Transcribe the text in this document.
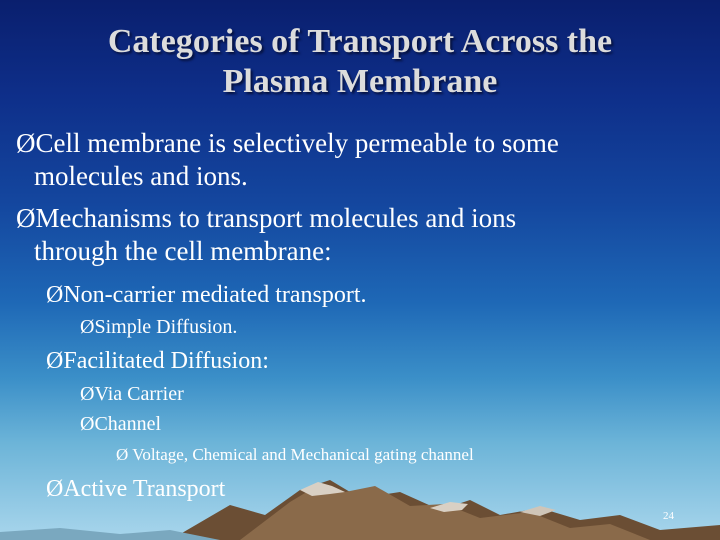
Categories of Transport Across the
Plasma Membrane
ØCell membrane is selectively permeable to some
molecules and ions.
ØMechanisms to transport molecules and ions
through the cell membrane:
ØNon-carrier mediated transport.
ØSimple Diffusion.
ØFacilitated Diffusion:
ØVia Carrier
ØChannel
Ø Voltage, Chemical and Mechanical gating channel
ØActive Transport
24
